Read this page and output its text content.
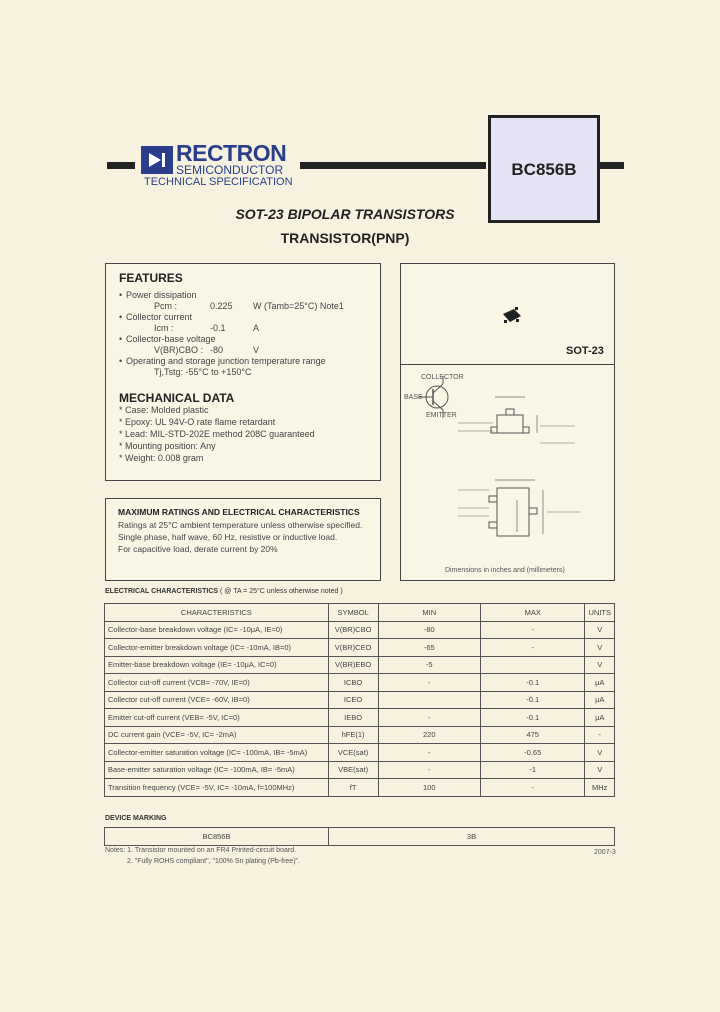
RECTRON
SEMICONDUCTOR
TECHNICAL SPECIFICATION
BC856B
SOT-23 BIPOLAR TRANSISTORS
TRANSISTOR(PNP)
FEATURES
• Power dissipation
Pcm :	0.225 W (Tamb=25°C) Note1
• Collector current
Icm :	-0.1	A
• Collector-base voltage
V(BR)CBO : -80	V
• Operating and storage junction temperature range
Tj,Tstg: -55°C to +150°C
MECHANICAL DATA
* Case: Molded plastic
* Epoxy: UL 94V-O rate flame retardant
* Lead: MIL-STD-202E method 208C guaranteed
* Mounting position: Any
* Weight: 0.008 gram
SOT-23
COLLECTOR
BASE
EMITTER
Dimensions in inches and (millimeters)
MAXIMUM RATINGS AND ELECTRICAL CHARACTERISTICS
Ratings at 25°C ambient temperature unless otherwise specified.
Single phase, half wave, 60 Hz, resistive or inductive load.
For capacitive load, derate current by 20%
ELECTRICAL CHARACTERISTICS ( @ TA = 25°C unless otherwise noted )
CHARACTERISTICS	SYMBOL	MIN	MAX	UNITS
Collector-base breakdown voltage (IC= -10μA, IE=0)	V(BR)CBO	-80	-	V
Collector-emitter breakdown voltage (IC= -10mA, IB=0)	V(BR)CEO	-65	-	V
Emitter-base breakdown voltage (IE= -10μA, IC=0)	V(BR)EBO	-5		V
Collector cut-off current (VCB= -70V, IE=0)	ICBO	-	-0.1	μA
Collector cut-off current (VCE= -60V, IB=0)	ICEO		-0.1	μA
Emitter cut-off current (VEB= -5V, IC=0)	IEBO	-	-0.1	μA
DC current gain (VCE= -5V, IC= -2mA)	hFE(1)	220	475	-
Collector-emitter saturation voltage (IC= -100mA, IB= -5mA)	VCE(sat)	-	-0.65	V
Base-emitter saturation voltage (IC= -100mA, IB= -5mA)	VBE(sat)	-	-1	V
Transition frequency (VCE= -5V, IC= -10mA, f=100MHz)	fT	100	-	MHz
DEVICE MARKING
BC856B	3B
Notes: 1. Transistor mounted on an FR4 Printed-circuit board.
2. "Fully ROHS compliant", "100% Sn plating (Pb-free)".
2007-3
